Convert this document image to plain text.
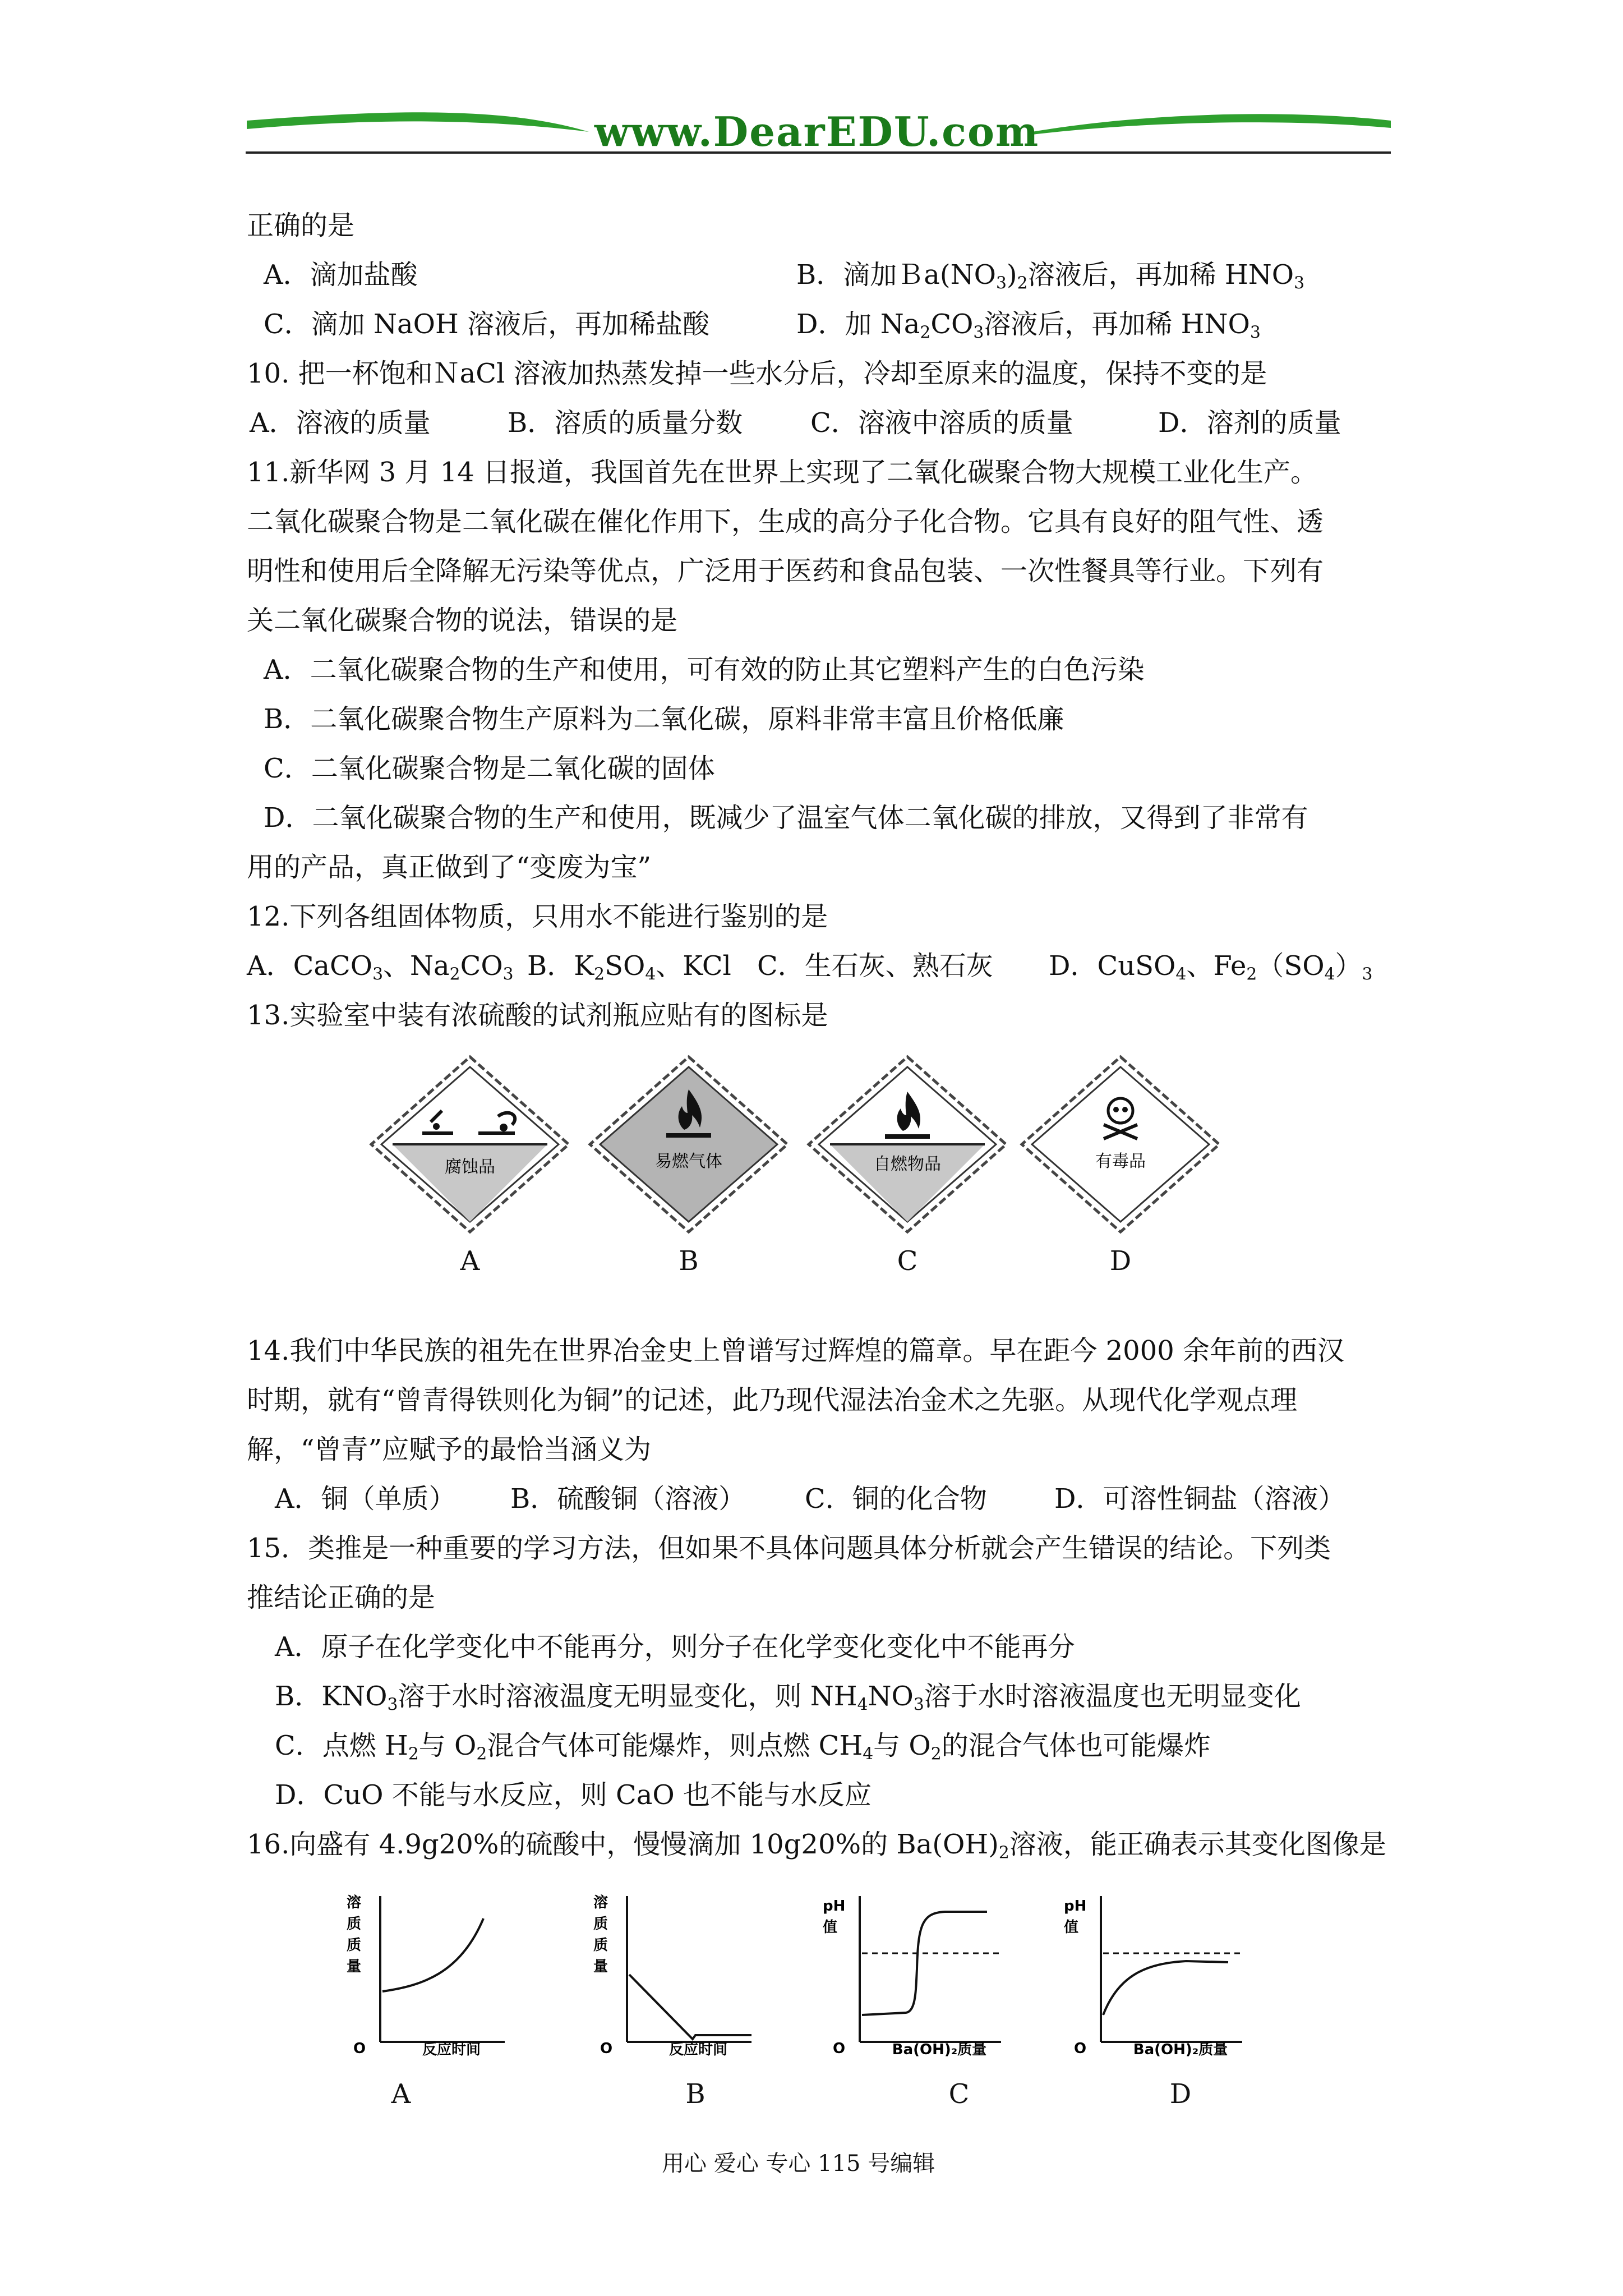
www.DearEDU.com
正确的是
A．滴加盐酸	B．滴加$Ba(NO_3)_2$溶液后，再加稀 $HNO_3$
C．滴加 NaOH 溶液后，再加稀盐酸	D．加 $Na_2CO_3$溶液后，再加稀 $HNO_3$
10. 把一杯饱和ＮaCl 溶液加热蒸发掉一些水分后，冷却至原来的温度，保持不变的是
A．溶液的质量	B．溶质的质量分数	C．溶液中溶质的质量	D．溶剂的质量
11.新华网 3 月 14 日报道，我国首先在世界上实现了二氧化碳聚合物大规模工业化生产。
二氧化碳聚合物是二氧化碳在催化作用下，生成的高分子化合物。它具有良好的阻气性、透
明性和使用后全降解无污染等优点，广泛用于医药和食品包装、一次性餐具等行业。下列有
关二氧化碳聚合物的说法，错误的是
A．二氧化碳聚合物的生产和使用，可有效的防止其它塑料产生的白色污染
B．二氧化碳聚合物生产原料为二氧化碳，原料非常丰富且价格低廉
C．二氧化碳聚合物是二氧化碳的固体
D．二氧化碳聚合物的生产和使用，既减少了温室气体二氧化碳的排放，又得到了非常有
用的产品，真正做到了“变废为宝”
12.下列各组固体物质，只用水不能进行鉴别的是
A．CaCO$_3$、$Na_2CO_3$ B．$K_2SO_4$、KCl C．生石灰、熟石灰 D．CuSO$_4$、$Fe_2(SO_4)_3$
13.实验室中装有浓硫酸的试剂瓶应贴有的图标是
腐蚀品
A
易燃气体
B
自燃物品
C
有毒品
D
14.我们中华民族的祖先在世界冶金史上曾谱写过辉煌的篇章。早在距今 2000 余年前的西汉
时期，就有“曾青得铁则化为铜”的记述，此乃现代湿法冶金术之先驱。从现代化学观点理
解，“曾青”应赋予的最恰当涵义为
A．铜（单质） B．硫酸铜（溶液） C．铜的化合物	D．可溶性铜盐（溶液）
15．类推是一种重要的学习方法，但如果不具体问题具体分析就会产生错误的结论。下列类
推结论正确的是
A．原子在化学变化中不能再分，则分子在化学变化变化中不能再分
B．$KNO_3$溶于水时溶液温度无明显变化，则 $NH_4NO_3$溶于水时溶液温度也无明显变化
C．点燃 $H_2$与 $O_2$混合气体可能爆炸，则点燃 $CH_4$与 $O_2$的混合气体也可能爆炸
D．CuO 不能与水反应，则 CaO 也不能与水反应
16.向盛有 4.9g20%的硫酸中，慢慢滴加 10g20%的 $Ba(OH)_2$溶液，能正确表示其变化图像是
溶
质
质
量
O	反应时间
A
溶
质
质
量
O	反应时间
B
pH
值
O	Ba(OH)₂质量
C
pH
值
O	Ba(OH)₂质量
D
用心 爱心 专心 115 号编辑
